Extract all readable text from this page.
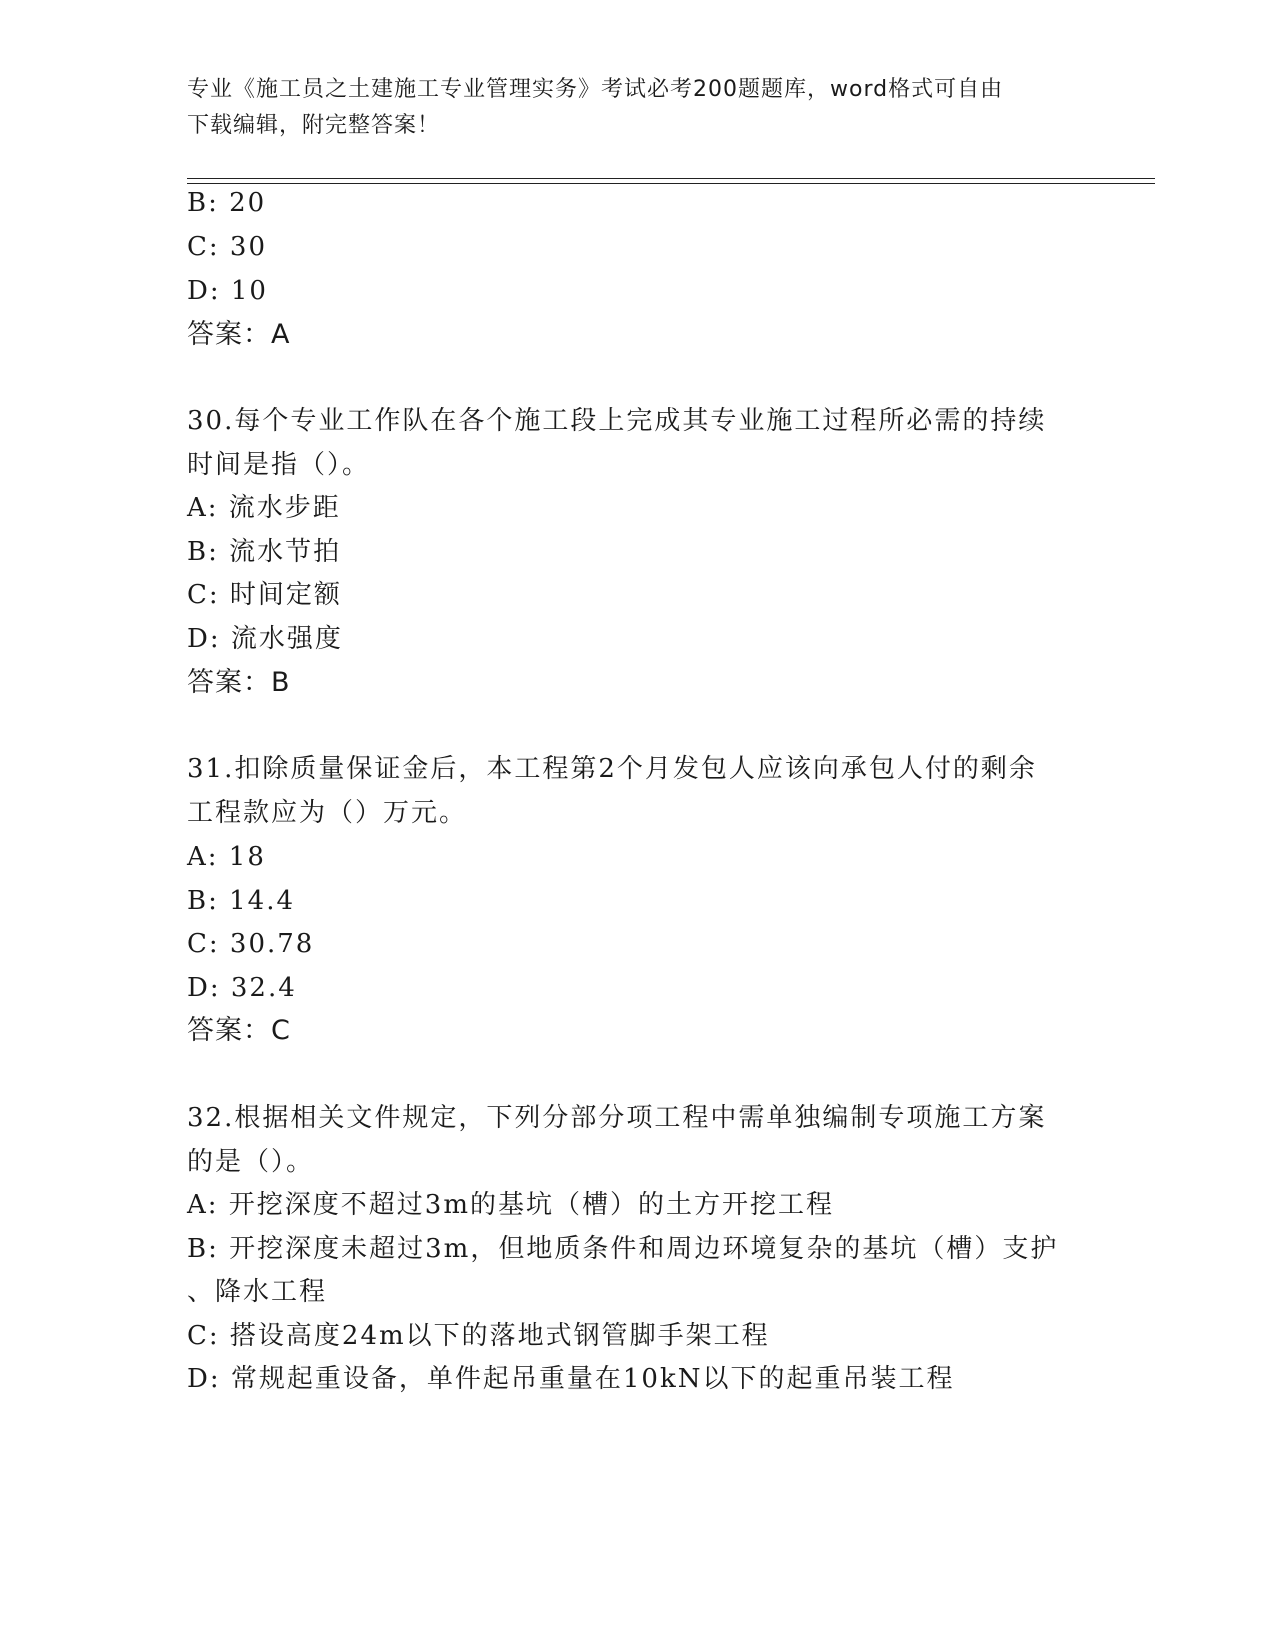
专业《施工员之土建施工专业管理实务》考试必考200题题库，word格式可自由
下载编辑，附完整答案！
B: 20
C: 30
D: 10
答案：A
30.每个专业工作队在各个施工段上完成其专业施工过程所必需的持续
时间是指（）。
A: 流水步距
B: 流水节拍
C: 时间定额
D: 流水强度
答案：B
31.扣除质量保证金后，本工程第2个月发包人应该向承包人付的剩余
工程款应为（）万元。
A: 18
B: 14.4
C: 30.78
D: 32.4
答案：C
32.根据相关文件规定，下列分部分项工程中需单独编制专项施工方案
的是（）。
A: 开挖深度不超过3m的基坑（槽）的土方开挖工程
B: 开挖深度未超过3m，但地质条件和周边环境复杂的基坑（槽）支护
、降水工程
C: 搭设高度24m以下的落地式钢管脚手架工程
D: 常规起重设备，单件起吊重量在10kN以下的起重吊装工程
